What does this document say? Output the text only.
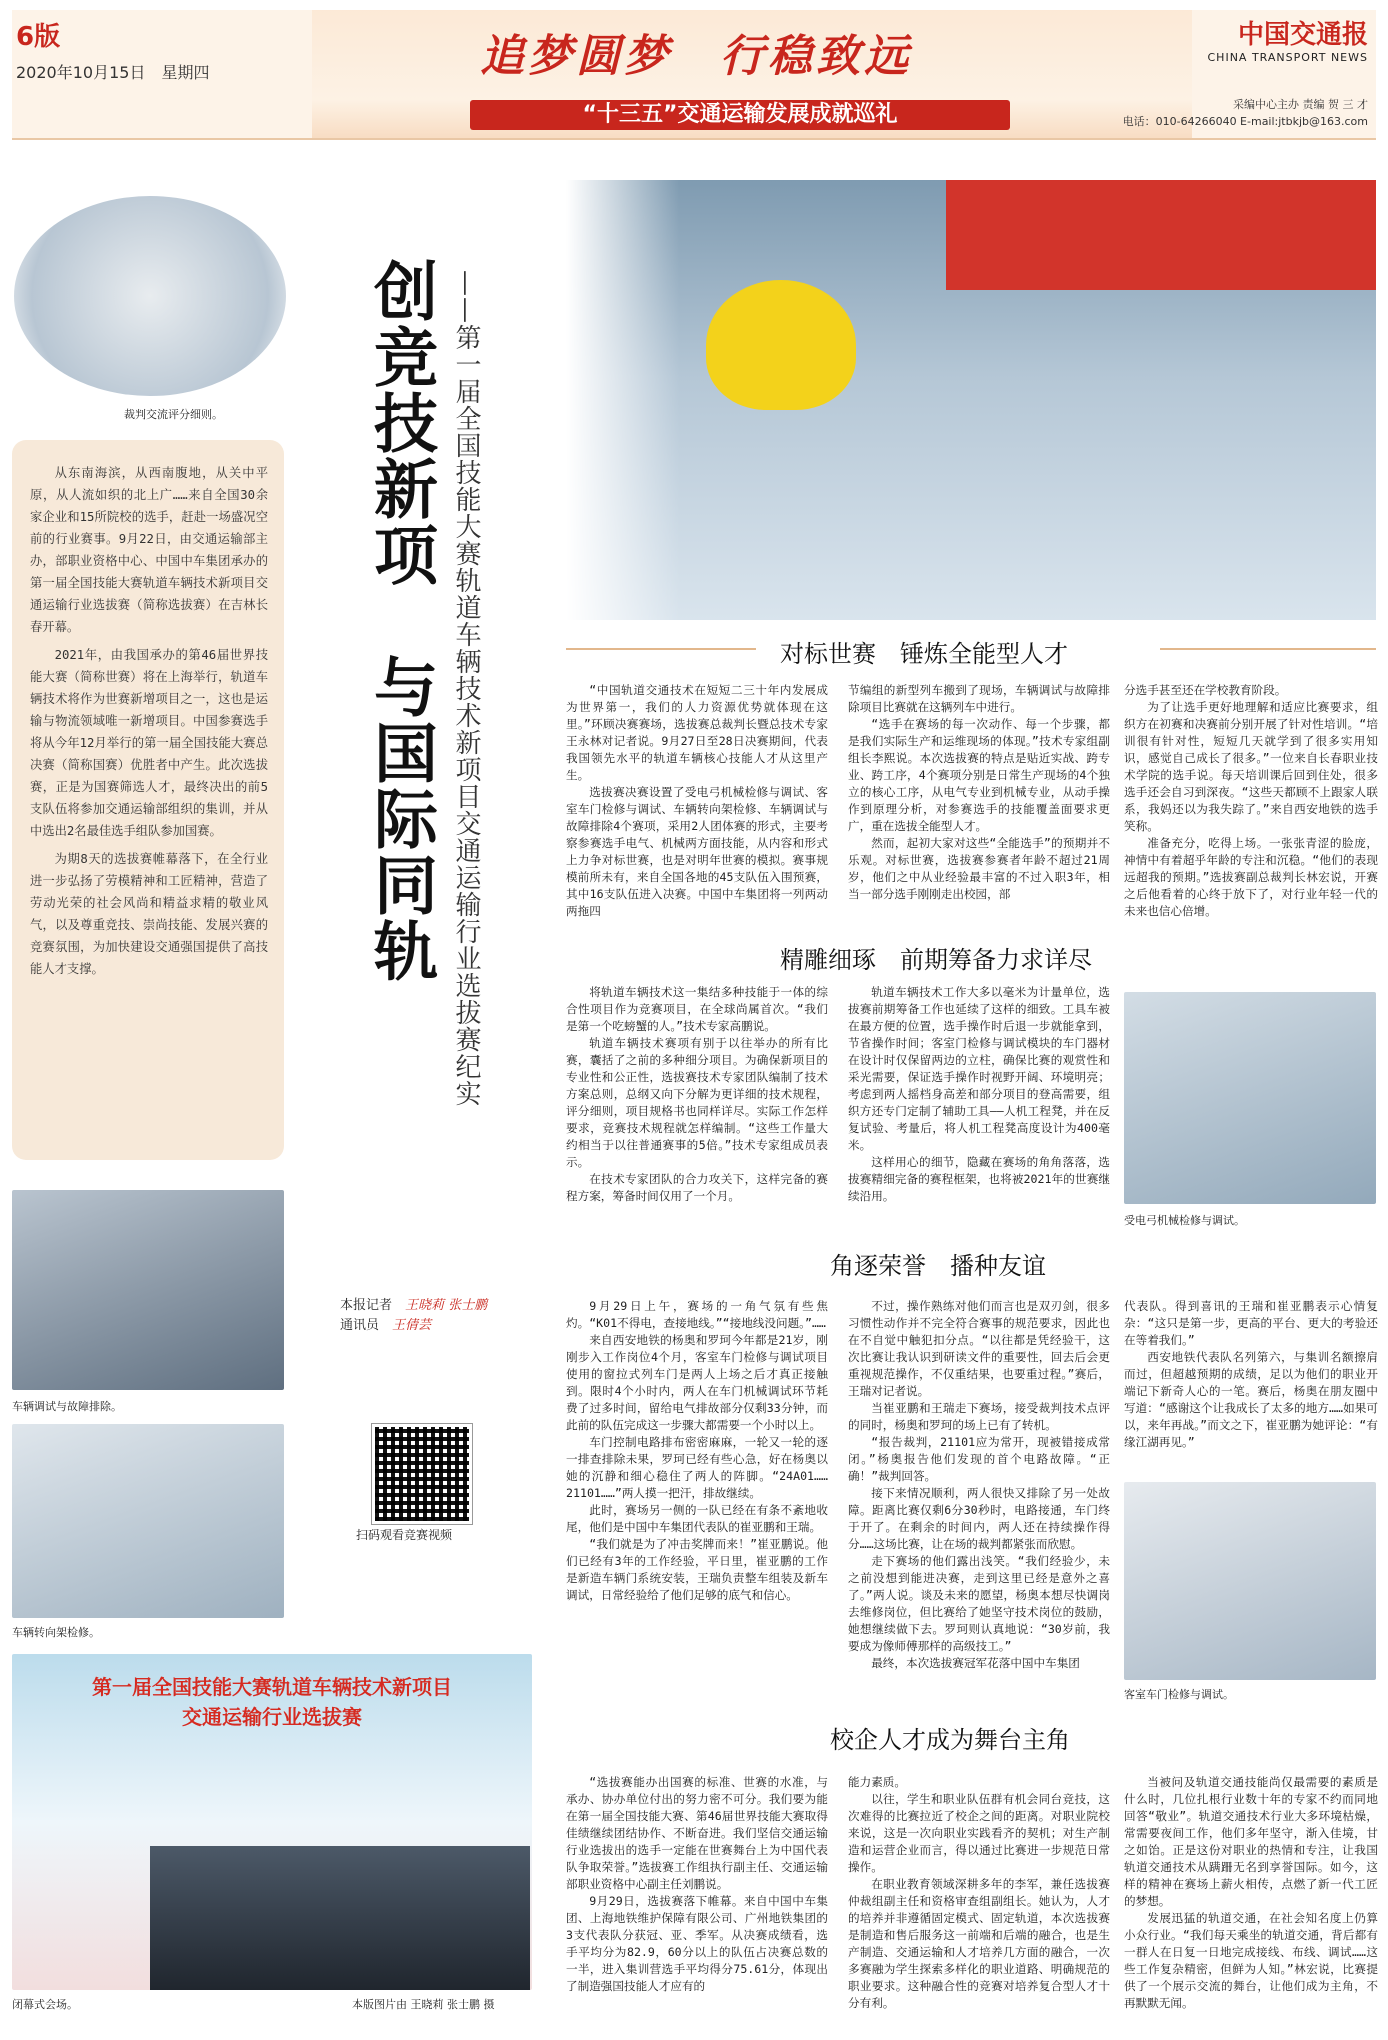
6版
2020年10月15日　星期四	追梦圆梦　行稳致远
“十三五”交通运输发展成就巡礼
中国交通报
CHINA TRANSPORT NEWS
采编中心主办 责编 贺 三 才
电话：010-64266040 E-mail:jtbkjb@163.com
裁判交流评分细则。

从东南海滨，从西南腹地，从关中平原，从人流如织的北上广……来自全国30余家企业和15所院校的选手，赶赴一场盛况空前的行业赛事。9月22日，由交通运输部主办，部职业资格中心、中国中车集团承办的第一届全国技能大赛轨道车辆技术新项目交通运输行业选拔赛（简称选拔赛）在吉林长春开幕。

2021年，由我国承办的第46届世界技能大赛（简称世赛）将在上海举行，轨道车辆技术将作为世赛新增项目之一，这也是运输与物流领域唯一新增项目。中国参赛选手将从今年12月举行的第一届全国技能大赛总决赛（简称国赛）优胜者中产生。此次选拔赛，正是为国赛筛选人才，最终决出的前5支队伍将参加交通运输部组织的集训，并从中选出2名最佳选手组队参加国赛。

为期8天的选拔赛帷幕落下，在全行业进一步弘扬了劳模精神和工匠精神，营造了劳动光荣的社会风尚和精益求精的敬业风气，以及尊重竞技、崇尚技能、发展兴赛的竞赛氛围，为加快建设交通强国提供了高技能人才支撑。	创竞技新项　与国际同轨 ——第一届全国技能大赛轨道车辆技术新项目交通运输行业选拔赛纪实
车辆调试与故障排除。
车辆转向架检修。
本报记者　 王晓莉 张士鹏
通讯员　 王倩芸
扫码观看竞赛视频
第一届全国技能大赛轨道车辆技术新项目
交通运输行业选拔赛
闭幕式会场。	本版图片由 王晓莉 张士鹏 摄
对标世赛　锤炼全能型人才

“中国轨道交通技术在短短二三十年内发展成为世界第一，我们的人力资源优势就体现在这里。”环顾决赛赛场，选拔赛总裁判长暨总技术专家王永林对记者说。9月27日至28日决赛期间，代表我国领先水平的轨道车辆核心技能人才从这里产生。

选拔赛决赛设置了受电弓机械检修与调试、客室车门检修与调试、车辆转向架检修、车辆调试与故障排除4个赛项，采用2人团体赛的形式，主要考察参赛选手电气、机械两方面技能，从内容和形式上力争对标世赛，也是对明年世赛的模拟。赛事规模前所未有，来自全国各地的45支队伍入围预赛，其中16支队伍进入决赛。中国中车集团将一列两动两拖四

节编组的新型列车搬到了现场，车辆调试与故障排除项目比赛就在这辆列车中进行。

“选手在赛场的每一次动作、每一个步骤，都是我们实际生产和运维现场的体现。”技术专家组副组长李熙说。本次选拔赛的特点是贴近实战、跨专业、跨工序，4个赛项分别是日常生产现场的4个独立的核心工序，从电气专业到机械专业，从动手操作到原理分析，对参赛选手的技能覆盖面要求更广，重在选拔全能型人才。

然而，起初大家对这些“全能选手”的预期并不乐观。对标世赛，选拔赛参赛者年龄不超过21周岁，他们之中从业经验最丰富的不过入职3年，相当一部分选手刚刚走出校园，部

分选手甚至还在学校教育阶段。

为了让选手更好地理解和适应比赛要求，组织方在初赛和决赛前分别开展了针对性培训。“培训很有针对性，短短几天就学到了很多实用知识，感觉自己成长了很多。”一位来自长春职业技术学院的选手说。每天培训课后回到住处，很多选手还会自习到深夜。“这些天都顾不上跟家人联系，我妈还以为我失踪了。”来自西安地铁的选手笑称。

准备充分，吃得上场。一张张青涩的脸庞，神情中有着超乎年龄的专注和沉稳。“他们的表现远超我的预期。”选拔赛副总裁判长林宏说，开赛之后他看着的心终于放下了，对行业年轻一代的未来也信心倍增。

精雕细琢　前期筹备力求详尽

将轨道车辆技术这一集结多种技能于一体的综合性项目作为竞赛项目，在全球尚属首次。“我们是第一个吃螃蟹的人。”技术专家高鹏说。

轨道车辆技术赛项有别于以往举办的所有比赛，囊括了之前的多种细分项目。为确保新项目的专业性和公正性，选拔赛技术专家团队编制了技术方案总则，总纲又向下分解为更详细的技术规程，评分细则，项目规格书也同样详尽。实际工作怎样要求，竞赛技术规程就怎样编制。“这些工作量大约相当于以往普通赛事的5倍。”技术专家组成员表示。

在技术专家团队的合力攻关下，这样完备的赛程方案，筹备时间仅用了一个月。

轨道车辆技术工作大多以毫米为计量单位，选拔赛前期筹备工作也延续了这样的细致。工具车被在最方便的位置，选手操作时后退一步就能拿到，节省操作时间；客室门检修与调试模块的车门器材在设计时仅保留两边的立柱，确保比赛的观赏性和采光需要，保证选手操作时视野开阔、环境明亮；考虑到两人摇档身高差和部分项目的登高需要，组织方还专门定制了辅助工具——人机工程凳，并在反复试验、考量后，将人机工程凳高度设计为400毫米。

这样用心的细节，隐藏在赛场的角角落落，选拔赛精细完备的赛程框架，也将被2021年的世赛继续沿用。

受电弓机械检修与调试。
角逐荣誉　播种友谊

9月29日上午，赛场的一角气氛有些焦灼。“K01不得电，查接地线。”“接地线没问题。”……

来自西安地铁的杨奥和罗珂今年都是21岁，刚刚步入工作岗位4个月，客室车门检修与调试项目使用的窗拉式列车门是两人上场之后才真正接触到。限时4个小时内，两人在车门机械调试环节耗费了过多时间，留给电气排故部分仅剩33分钟，而此前的队伍完成这一步骤大都需要一个小时以上。

车门控制电路排布密密麻麻，一轮又一轮的逐一排查排除未果，罗珂已经有些心急，好在杨奥以她的沉静和细心稳住了两人的阵脚。“24A01……21101……”两人摸一把汗，排故继续。

此时，赛场另一侧的一队已经在有条不紊地收尾，他们是中国中车集团代表队的崔亚鹏和王瑞。

“我们就是为了冲击奖牌而来！”崔亚鹏说。他们已经有3年的工作经验，平日里，崔亚鹏的工作是新造车辆门系统安装，王瑞负责整车组装及新车调试，日常经验给了他们足够的底气和信心。

不过，操作熟练对他们而言也是双刃剑，很多习惯性动作并不完全符合赛事的规范要求，因此也在不自觉中触犯扣分点。“以往都是凭经验干，这次比赛让我认识到研读文件的重要性，回去后会更重视规范操作，不仅重结果，也要重过程。”赛后，王瑞对记者说。

当崔亚鹏和王瑞走下赛场，接受裁判技术点评的同时，杨奥和罗珂的场上已有了转机。

“报告裁判，21101应为常开，现被错接成常闭。”杨奥报告他们发现的首个电路故障。“正确！”裁判回答。

接下来情况顺利，两人很快又排除了另一处故障。距离比赛仅剩6分30秒时，电路接通，车门终于开了。在剩余的时间内，两人还在持续操作得分……这场比赛，让在场的裁判都紧张而欣慰。

走下赛场的他们露出浅笑。“我们经验少，未之前没想到能进决赛，走到这里已经是意外之喜了。”两人说。谈及未来的愿望，杨奥本想尽快调岗去维修岗位，但比赛给了她坚守技术岗位的鼓励，她想继续做下去。罗珂则认真地说：“30岁前，我要成为像师傅那样的高级技工。”

最终，本次选拔赛冠军花落中国中车集团

代表队。得到喜讯的王瑞和崔亚鹏表示心情复杂：“这只是第一步，更高的平台、更大的考验还在等着我们。”

西安地铁代表队名列第六，与集训名额擦肩而过，但超越预期的成绩，足以为他们的职业开端记下新奇人心的一笔。赛后，杨奥在朋友圈中写道：“感谢这个让我成长了太多的地方……如果可以，来年再战。”而文之下，崔亚鹏为她评论：“有缘江湖再见。”

客室车门检修与调试。
校企人才成为舞台主角

“选拔赛能办出国赛的标准、世赛的水准，与承办、协办单位付出的努力密不可分。我们要为能在第一届全国技能大赛、第46届世界技能大赛取得佳绩继续团结协作、不断奋进。我们坚信交通运输行业选拔出的选手一定能在世赛舞台上为中国代表队争取荣誉。”选拔赛工作组执行副主任、交通运输部职业资格中心副主任刘鹏说。

9月29日，选拔赛落下帷幕。来自中国中车集团、上海地铁维护保障有限公司、广州地铁集团的3支代表队分获冠、亚、季军。从决赛成绩看，选手平均分为82.9，60分以上的队伍占决赛总数的一半，进入集训营选手平均得分75.61分，体现出了制造强国技能人才应有的

能力素质。

以往，学生和职业队伍群有机会同台竞技，这次难得的比赛拉近了校企之间的距离。对职业院校来说，这是一次向职业实践看齐的契机；对生产制造和运营企业而言，得以通过比赛进一步规范日常操作。

在职业教育领域深耕多年的李军，兼任选拔赛仲裁组副主任和资格审查组副组长。她认为，人才的培养并非遵循固定模式、固定轨道，本次选拔赛是制造和售后服务这一前端和后端的融合，也是生产制造、交通运输和人才培养几方面的融合，一次多赛融为学生探索多样化的职业道路、明确规范的职业要求。这种融合性的竞赛对培养复合型人才十分有利。

当被问及轨道交通技能尚仅最需要的素质是什么时，几位扎根行业数十年的专家不约而同地回答“敬业”。轨道交通技术行业大多环境枯燥，常需要夜间工作，他们多年坚守，渐入佳境，甘之如饴。正是这份对职业的热情和专注，让我国轨道交通技术从蹒跚无名到享誉国际。如今，这样的精神在赛场上薪火相传，点燃了新一代工匠的梦想。

发展迅猛的轨道交通，在社会知名度上仍算小众行业。“我们每天乘坐的轨道交通，背后都有一群人在日复一日地完成接线、布线、调试……这些工作复杂精密，但鲜为人知。”林宏说，比赛提供了一个展示交流的舞台，让他们成为主角，不再默默无闻。
